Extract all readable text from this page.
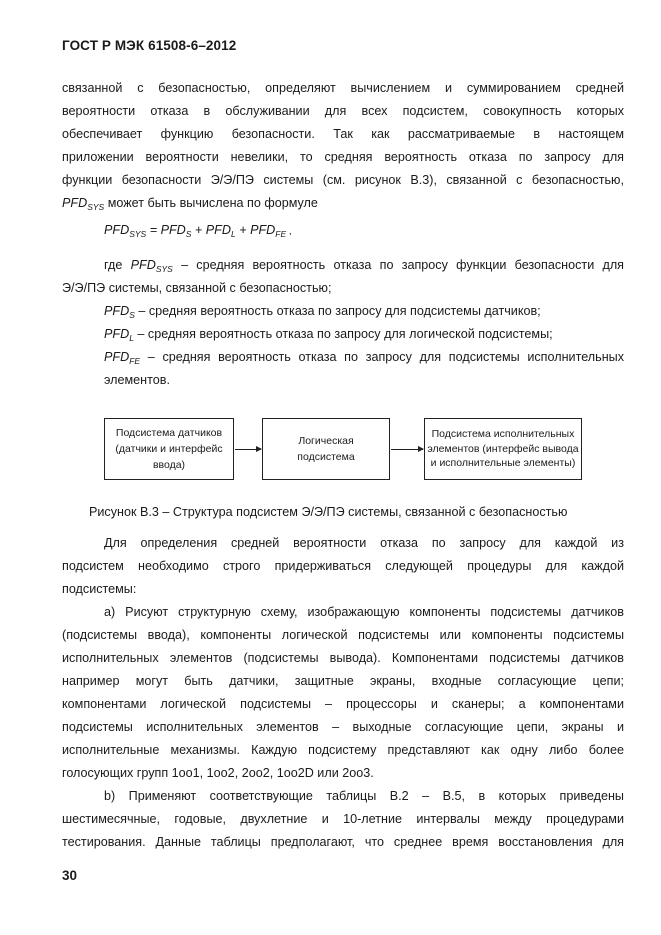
ГОСТ Р МЭК 61508-6–2012
связанной с безопасностью, определяют вычислением и суммированием средней
вероятности отказа в обслуживании для всех подсистем, совокупность которых
обеспечивает функцию безопасности. Так как рассматриваемые в настоящем
приложении вероятности невелики, то средняя вероятность отказа по запросу для
функции безопасности Э/Э/ПЭ системы (см. рисунок В.3), связанной с безопасностью,
$PFD_{SYS}$ может быть вычислена по формуле
$PFD_{SYS} = PFD_S + PFD_L + PFD_{FE}$ ,
где $PFD_{SYS}$ – средняя вероятность отказа по запросу функции безопасности для
Э/Э/ПЭ системы, связанной с безопасностью;
$PFD_S$ – средняя вероятность отказа по запросу для подсистемы датчиков;
$PFD_L$ – средняя вероятность отказа по запросу для логической подсистемы;
$PFD_{FE}$ – средняя вероятность отказа по запросу для подсистемы исполнительных
элементов.
Подсистема датчиков (датчики и интерфейс ввода)
Логическая подсистема
Подсистема исполнительных элементов (интерфейс вывода и исполнительные элементы)
Рисунок В.3 – Структура подсистем Э/Э/ПЭ системы, связанной с безопасностью
Для определения средней вероятности отказа по запросу для каждой из
подсистем необходимо строго придерживаться следующей процедуры для каждой
подсистемы:
а) Рисуют структурную схему, изображающую компоненты подсистемы датчиков
(подсистемы ввода), компоненты логической подсистемы или компоненты подсистемы
исполнительных элементов (подсистемы вывода). Компонентами подсистемы датчиков
например могут быть датчики, защитные экраны, входные согласующие цепи;
компонентами логической подсистемы – процессоры и сканеры; а компонентами
подсистемы исполнительных элементов – выходные согласующие цепи, экраны и
исполнительные механизмы. Каждую подсистему представляют как одну либо более
голосующих групп 1оо1, 1оо2, 2оо2, 1оо2D или 2оо3.
b) Применяют соответствующие таблицы В.2 – В.5, в которых приведены
шестимесячные, годовые, двухлетние и 10-летние интервалы между процедурами
тестирования. Данные таблицы предполагают, что среднее время восстановления для
30
